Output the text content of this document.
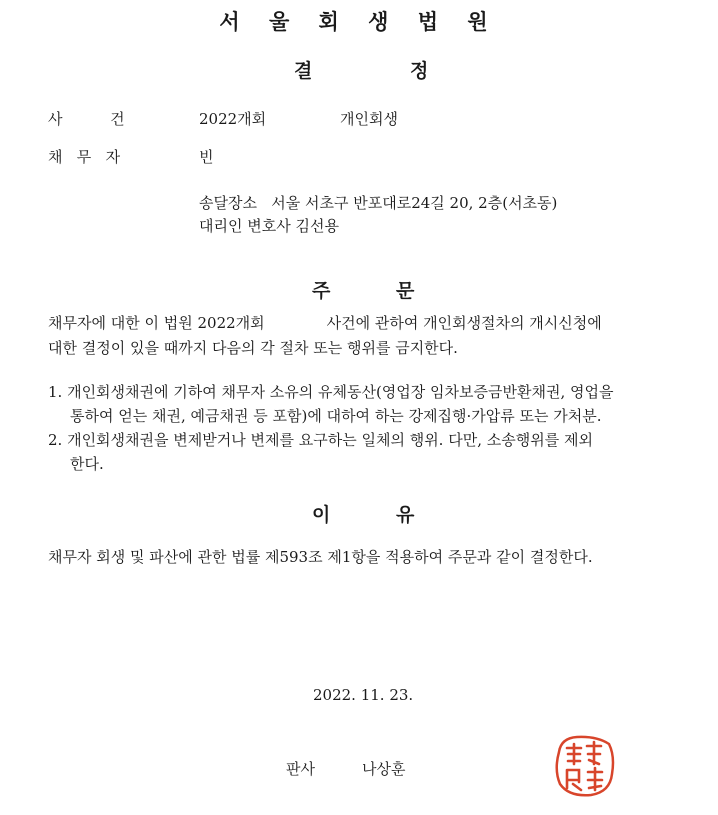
서 울 회 생 법 원
결	정
사          건	2022개회	개인회생
채   무   자	빈
송달장소   서울 서초구 반포대로24길 20, 2층(서초동)
대리인 변호사 김선용
주	문
채무자에 대한 이 법원 2022개회             사건에 관하여 개인회생절차의 개시신청에
대한 결정이 있을 때까지 다음의 각 절차 또는 행위를 금지한다.
1. 개인회생채권에 기하여 채무자 소유의 유체동산(영업장 임차보증금반환채권, 영업을
통하여 얻는 채권, 예금채권 등 포함)에 대하여 하는 강제집행·가압류 또는 가처분.
2. 개인회생채권을 변제받거나 변제를 요구하는 일체의 행위. 다만, 소송행위를 제외
한다.
이	유
채무자 회생 및 파산에 관한 법률 제593조 제1항을 적용하여 주문과 같이 결정한다.
2022. 11. 23.
판사	나상훈
